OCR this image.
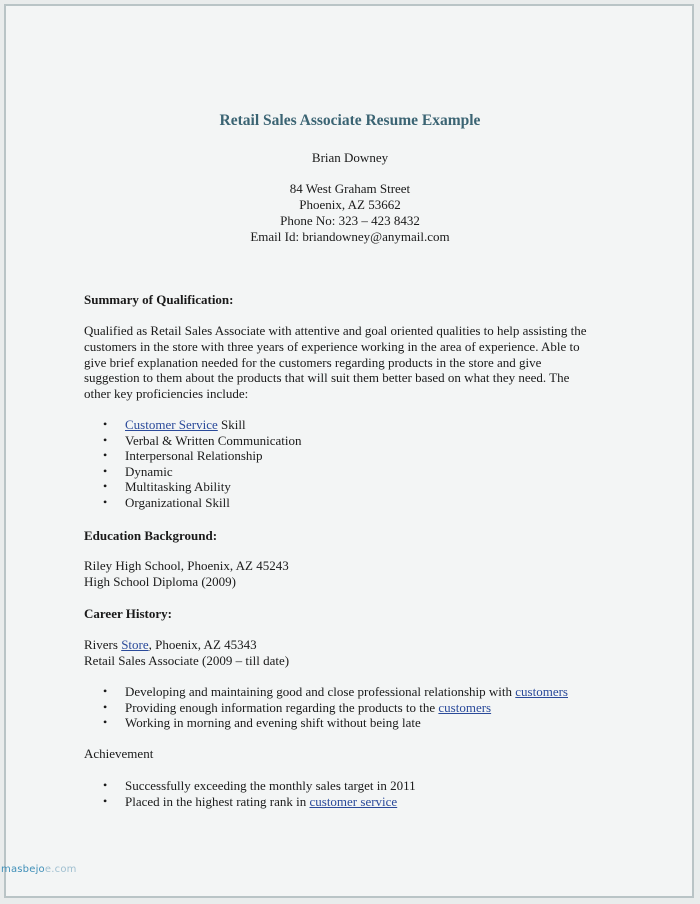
Retail Sales Associate Resume Example
Brian Downey
84 West Graham Street
Phoenix, AZ 53662
Phone No: 323 – 423 8432
Email Id: briandowney@anymail.com
Summary of Qualification:
Qualified as Retail Sales Associate with attentive and goal oriented qualities to help assisting the
customers in the store with three years of experience working in the area of experience. Able to
give brief explanation needed for the customers regarding products in the store and give
suggestion to them about the products that will suit them better based on what they need. The
other key proficiencies include:
• Customer Service Skill
• Verbal & Written Communication
• Interpersonal Relationship
• Dynamic
• Multitasking Ability
• Organizational Skill
Education Background:
Riley High School, Phoenix, AZ 45243
High School Diploma (2009)
Career History:
Rivers Store, Phoenix, AZ 45343
Retail Sales Associate (2009 – till date)
• Developing and maintaining good and close professional relationship with customers
• Providing enough information regarding the products to the customers
• Working in morning and evening shift without being late
Achievement
• Successfully exceeding the monthly sales target in 2011
• Placed in the highest rating rank in customer service
masbejoe.com
